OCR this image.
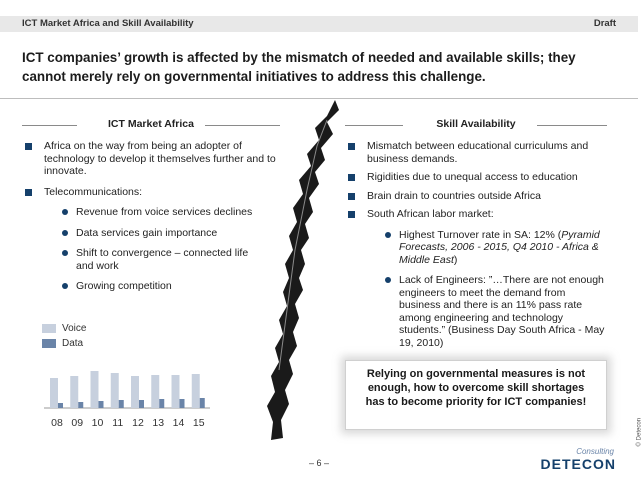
ICT Market Africa and Skill Availability	Draft
ICT companies’ growth is affected by the mismatch of needed and available skills; they cannot merely rely on governmental initiatives to address this challenge.
ICT Market Africa	Skill Availability
Africa on the way from being an adopter of technology to develop it themselves further and to innovate.
Telecommunications:
Revenue from voice services declines
Data services gain importance
Shift to convergence – connected life and work
Growing competition
Voice
Data
08 09 10 11 12 13 14 15
Mismatch between educational curriculums and business demands.
Rigidities due to unequal access to education
Brain drain to countries outside Africa
South African labor market:
Highest Turnover rate in SA: 12% (Pyramid Forecasts, 2006 - 2015, Q4 2010 - Africa & Middle East)
Lack of Engineers: ”…There are not enough engineers to meet the demand from business and there is an 11% pass rate among engineering and technology students.” (Business Day South Africa - May 19, 2010)
Relying on governmental measures is not enough, how to overcome skill shortages has to become priority for ICT companies!
– 6 –
Consulting
DETECON
© Detecon
